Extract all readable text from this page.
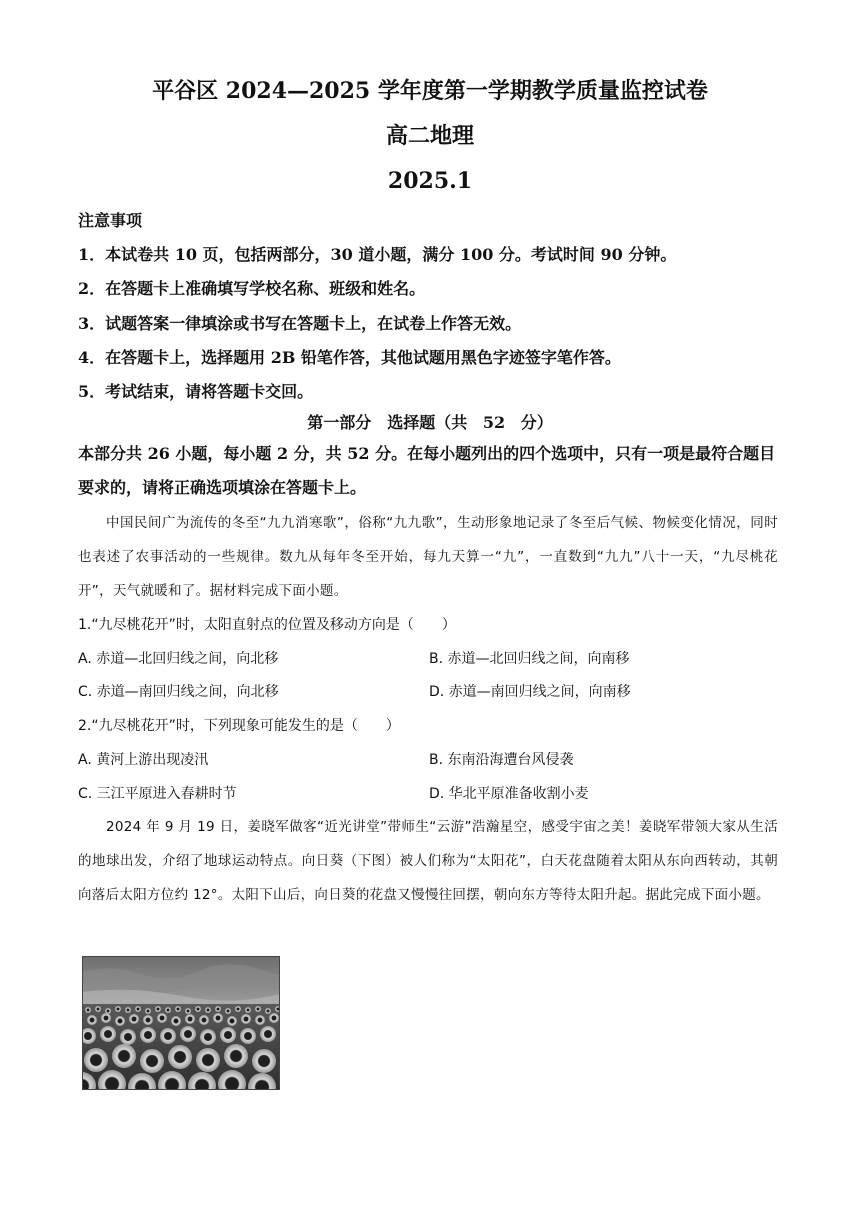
平谷区 2024—2025 学年度第一学期教学质量监控试卷
高二地理
2025.1
注意事项
1．本试卷共 10 页，包括两部分，30 道小题，满分 100 分。考试时间 90 分钟。
2．在答题卡上准确填写学校名称、班级和姓名。
3．试题答案一律填涂或书写在答题卡上，在试卷上作答无效。
4．在答题卡上，选择题用 2B 铅笔作答，其他试题用黑色字迹签字笔作答。
5．考试结束，请将答题卡交回。
第一部分　选择题（共 52 分）
本部分共 26 小题，每小题 2 分，共 52 分。在每小题列出的四个选项中，只有一项是最符合题目要求的，请将正确选项填涂在答题卡上。
中国民间广为流传的冬至“九九消寒歌”，俗称“九九歌”，生动形象地记录了冬至后气候、物候变化情况，同时也表述了农事活动的一些规律。数九从每年冬至开始，每九天算一“九”，一直数到“九九”八十一天，“九尽桃花开”，天气就暖和了。据材料完成下面小题。
1.“九尽桃花开”时，太阳直射点的位置及移动方向是（　　）
A. 赤道—北回归线之间，向北移	B. 赤道—北回归线之间，向南移
C. 赤道—南回归线之间，向北移	D. 赤道—南回归线之间，向南移
2.“九尽桃花开”时，下列现象可能发生的是（　　）
A. 黄河上游出现凌汛	B. 东南沿海遭台风侵袭
C. 三江平原进入春耕时节	D. 华北平原准备收割小麦
2024 年 9 月 19 日，姜晓军做客“近光讲堂”带师生“云游”浩瀚星空，感受宇宙之美！姜晓军带领大家从生活的地球出发，介绍了地球运动特点。向日葵（下图）被人们称为“太阳花”，白天花盘随着太阳从东向西转动，其朝向落后太阳方位约 12°。太阳下山后，向日葵的花盘又慢慢往回摆，朝向东方等待太阳升起。据此完成下面小题。
